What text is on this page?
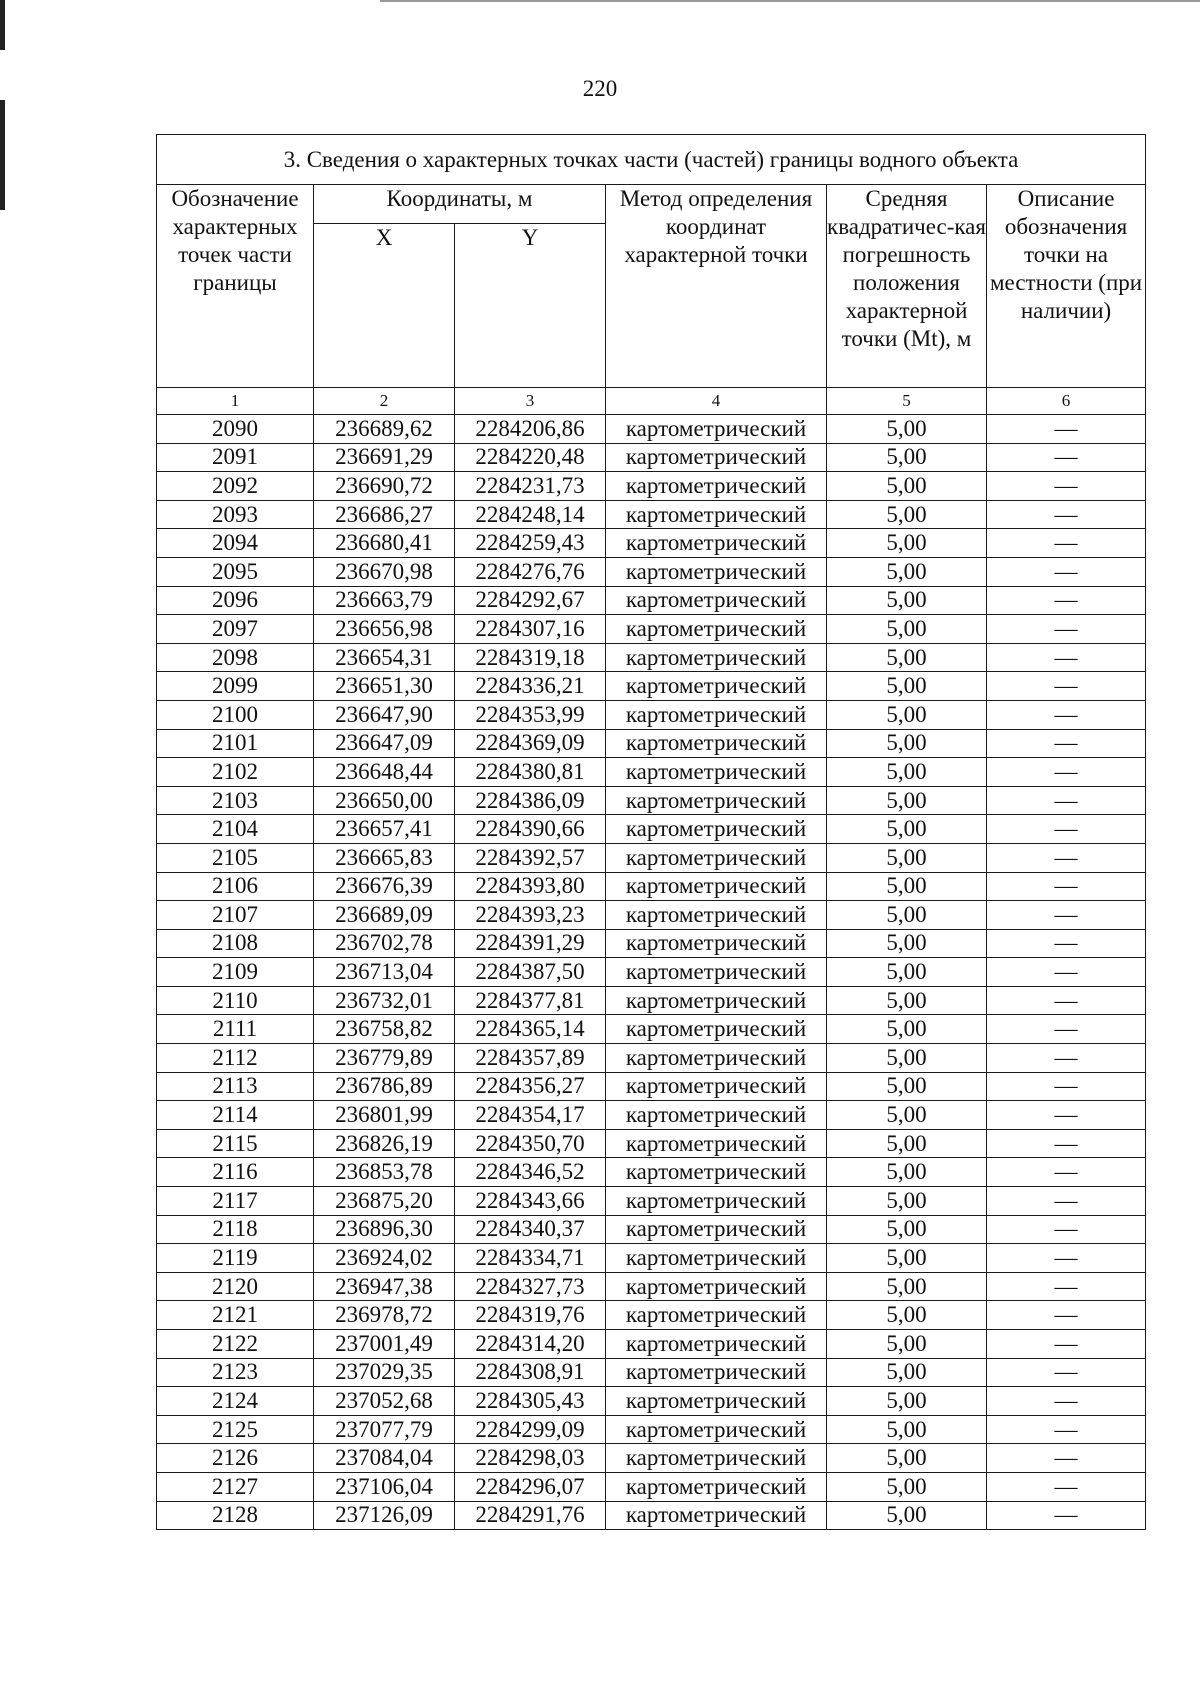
220
3. Сведения о характерных точках части (частей) границы водного объекта					
Обозначение характерных точек части границы	Координаты, м		Метод определения координат характерной точки	Средняя квадратичес-кая погрешность положения характерной точки (Mt), м	Описание обозначения точки на местности (при наличии)
	X	Y			
1	2	3	4	5	6
2090	236689,62	2284206,86	картометрический	5,00	—
2091	236691,29	2284220,48	картометрический	5,00	—
2092	236690,72	2284231,73	картометрический	5,00	—
2093	236686,27	2284248,14	картометрический	5,00	—
2094	236680,41	2284259,43	картометрический	5,00	—
2095	236670,98	2284276,76	картометрический	5,00	—
2096	236663,79	2284292,67	картометрический	5,00	—
2097	236656,98	2284307,16	картометрический	5,00	—
2098	236654,31	2284319,18	картометрический	5,00	—
2099	236651,30	2284336,21	картометрический	5,00	—
2100	236647,90	2284353,99	картометрический	5,00	—
2101	236647,09	2284369,09	картометрический	5,00	—
2102	236648,44	2284380,81	картометрический	5,00	—
2103	236650,00	2284386,09	картометрический	5,00	—
2104	236657,41	2284390,66	картометрический	5,00	—
2105	236665,83	2284392,57	картометрический	5,00	—
2106	236676,39	2284393,80	картометрический	5,00	—
2107	236689,09	2284393,23	картометрический	5,00	—
2108	236702,78	2284391,29	картометрический	5,00	—
2109	236713,04	2284387,50	картометрический	5,00	—
2110	236732,01	2284377,81	картометрический	5,00	—
2111	236758,82	2284365,14	картометрический	5,00	—
2112	236779,89	2284357,89	картометрический	5,00	—
2113	236786,89	2284356,27	картометрический	5,00	—
2114	236801,99	2284354,17	картометрический	5,00	—
2115	236826,19	2284350,70	картометрический	5,00	—
2116	236853,78	2284346,52	картометрический	5,00	—
2117	236875,20	2284343,66	картометрический	5,00	—
2118	236896,30	2284340,37	картометрический	5,00	—
2119	236924,02	2284334,71	картометрический	5,00	—
2120	236947,38	2284327,73	картометрический	5,00	—
2121	236978,72	2284319,76	картометрический	5,00	—
2122	237001,49	2284314,20	картометрический	5,00	—
2123	237029,35	2284308,91	картометрический	5,00	—
2124	237052,68	2284305,43	картометрический	5,00	—
2125	237077,79	2284299,09	картометрический	5,00	—
2126	237084,04	2284298,03	картометрический	5,00	—
2127	237106,04	2284296,07	картометрический	5,00	—
2128	237126,09	2284291,76	картометрический	5,00	—
